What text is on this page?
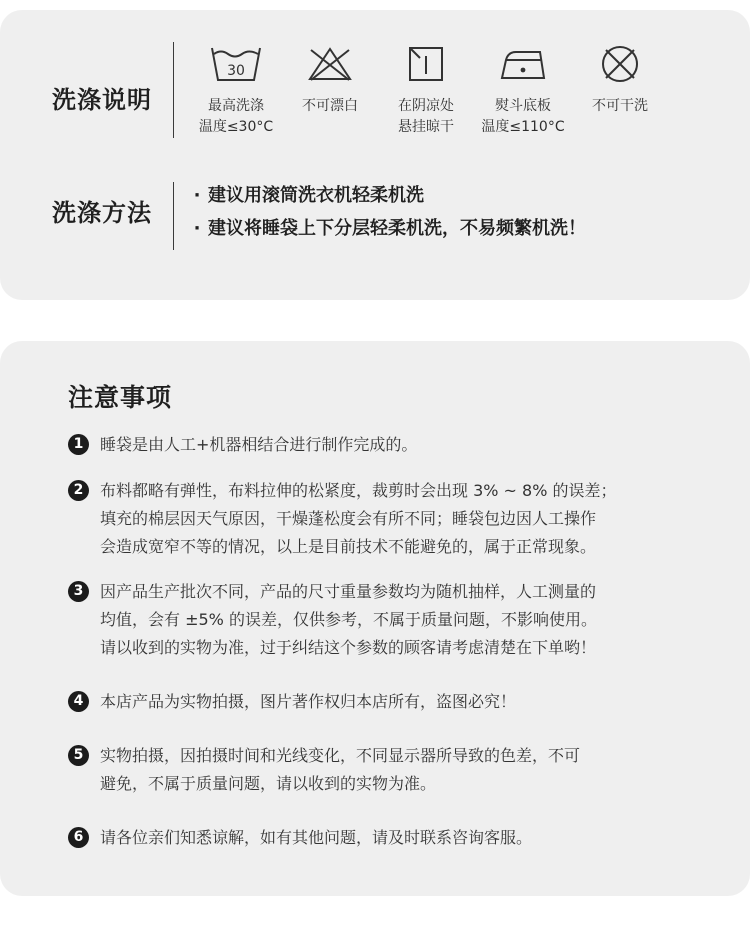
洗涤说明
30
最高洗涤
温度≤30°C
不可漂白	在阴凉处
悬挂晾干
熨斗底板
温度≤110°C
不可干洗
洗涤方法
· 建议用滚筒洗衣机轻柔机洗
· 建议将睡袋上下分层轻柔机洗，不易频繁机洗！
注意事项
1	睡袋是由人工+机器相结合进行制作完成的。
2	布料都略有弹性，布料拉伸的松紧度，裁剪时会出现 3% ~ 8% 的误差；
填充的棉层因天气原因，干燥蓬松度会有所不同；睡袋包边因人工操作
会造成宽窄不等的情况，以上是目前技术不能避免的，属于正常现象。
3	因产品生产批次不同，产品的尺寸重量参数均为随机抽样，人工测量的
均值，会有 ±5% 的误差，仅供参考，不属于质量问题，不影响使用。
请以收到的实物为准，过于纠结这个参数的顾客请考虑清楚在下单哟！
4	本店产品为实物拍摄，图片著作权归本店所有，盗图必究！
5	实物拍摄，因拍摄时间和光线变化，不同显示器所导致的色差，不可
避免，不属于质量问题，请以收到的实物为准。
6	请各位亲们知悉谅解，如有其他问题，请及时联系咨询客服。
